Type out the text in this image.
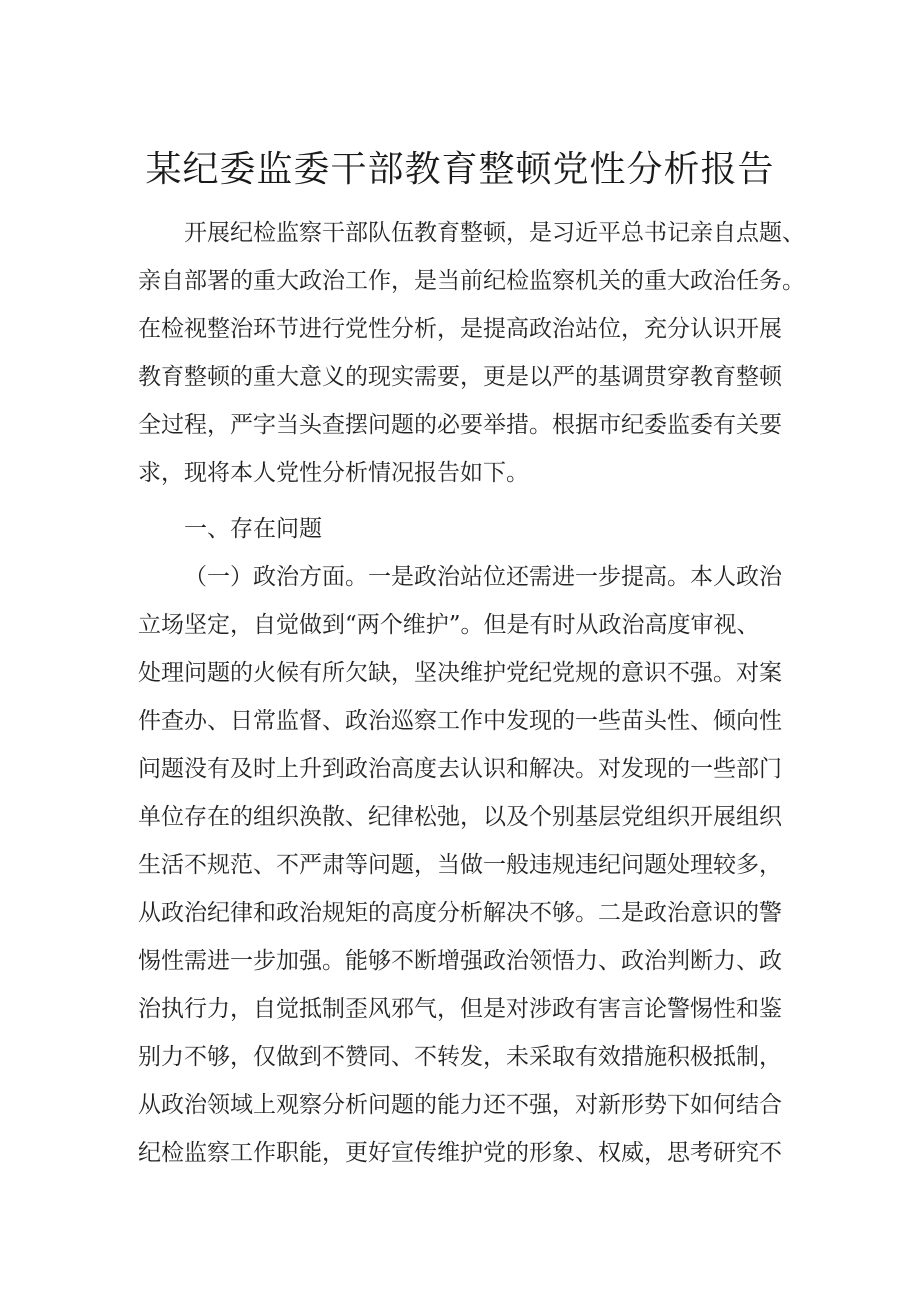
某纪委监委干部教育整顿党性分析报告

开展纪检监察干部队伍教育整顿，是习近平总书记亲自点题、

亲自部署的重大政治工作，是当前纪检监察机关的重大政治任务。

在检视整治环节进行党性分析，是提高政治站位，充分认识开展

教育整顿的重大意义的现实需要，更是以严的基调贯穿教育整顿

全过程，严字当头查摆问题的必要举措。根据市纪委监委有关要

求，现将本人党性分析情况报告如下。

一、存在问题

（一）政治方面。一是政治站位还需进一步提高。本人政治

立场坚定，自觉做到“两个维护”。但是有时从政治高度审视、

处理问题的火候有所欠缺，坚决维护党纪党规的意识不强。对案

件查办、日常监督、政治巡察工作中发现的一些苗头性、倾向性

问题没有及时上升到政治高度去认识和解决。对发现的一些部门

单位存在的组织涣散、纪律松弛，以及个别基层党组织开展组织

生活不规范、不严肃等问题，当做一般违规违纪问题处理较多，

从政治纪律和政治规矩的高度分析解决不够。二是政治意识的警

惕性需进一步加强。能够不断增强政治领悟力、政治判断力、政

治执行力，自觉抵制歪风邪气，但是对涉政有害言论警惕性和鉴

别力不够，仅做到不赞同、不转发，未采取有效措施积极抵制，

从政治领域上观察分析问题的能力还不强，对新形势下如何结合

纪检监察工作职能，更好宣传维护党的形象、权威，思考研究不
